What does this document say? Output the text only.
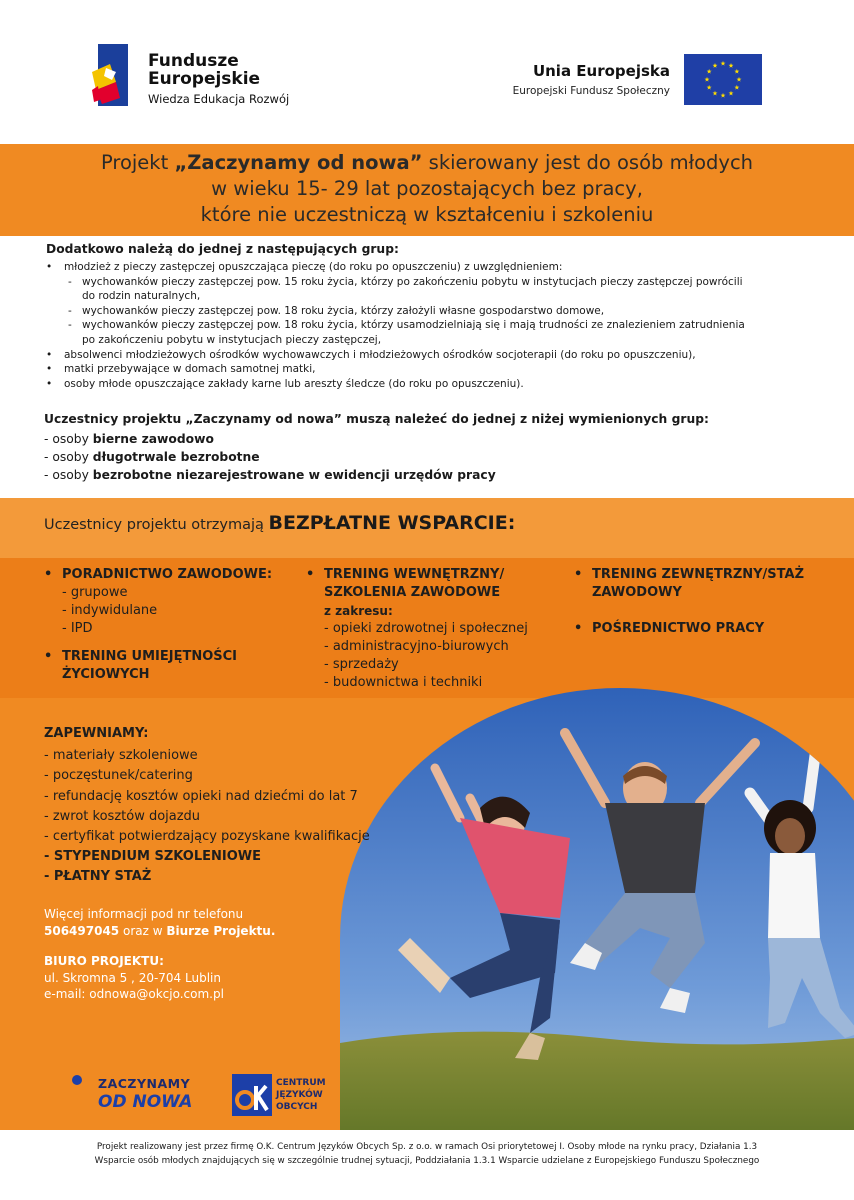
Fundusze
Europejskie
Wiedza Edukacja Rozwój
Unia Europejska
Europejski Fundusz Społeczny
Projekt „Zaczynamy od nowa” skierowany jest do osób młodych
w wieku 15- 29 lat pozostających bez pracy,
które nie uczestniczą w kształceniu i szkoleniu
Dodatkowo należą do jednej z następujących grup:
• młodzież z pieczy zastępczej opuszczająca pieczę (do roku po opuszczeniu) z uwzględnieniem:
- wychowanków pieczy zastępczej pow. 15 roku życia, którzy po zakończeniu pobytu w instytucjach pieczy zastępczej powrócili
do rodzin naturalnych,
- wychowanków pieczy zastępczej pow. 18 roku życia, którzy założyli własne gospodarstwo domowe,
- wychowanków pieczy zastępczej pow. 18 roku życia, którzy usamodzielniają się i mają trudności ze znalezieniem zatrudnienia
po zakończeniu pobytu w instytucjach pieczy zastępczej,
• absolwenci młodzieżowych ośrodków wychowawczych i młodzieżowych ośrodków socjoterapii (do roku po opuszczeniu),
• matki przebywające w domach samotnej matki,
• osoby młode opuszczające zakłady karne lub areszty śledcze (do roku po opuszczeniu).
Uczestnicy projektu „Zaczynamy od nowa” muszą należeć do jednej z niżej wymienionych grup:
- osoby bierne zawodowo
- osoby długotrwale bezrobotne
- osoby bezrobotne niezarejestrowane w ewidencji urzędów pracy
Uczestnicy projektu otrzymają BEZPŁATNE WSPARCIE:
• PORADNICTWO ZAWODOWE:
- grupowe
- indywidulane
- IPD
• TRENING UMIEJĘTNOŚCI
ŻYCIOWYCH
• TRENING WEWNĘTRZNY/
SZKOLENIA ZAWODOWE
z zakresu:
- opieki zdrowotnej i społecznej
- administracyjno-biurowych
- sprzedaży
- budownictwa i techniki
• TRENING ZEWNĘTRZNY/STAŻ
ZAWODOWY
• POŚREDNICTWO PRACY
ZAPEWNIAMY:
- materiały szkoleniowe
- poczęstunek/catering
- refundację kosztów opieki nad dziećmi do lat 7
- zwrot kosztów dojazdu
- certyfikat potwierdzający pozyskane kwalifikacje
- STYPENDIUM SZKOLENIOWE
- PŁATNY STAŻ
Więcej informacji pod nr telefonu
506497045 oraz w Biurze Projektu.
BIURO PROJEKTU:
ul. Skromna 5 , 20-704 Lublin
e-mail: odnowa@okcjo.com.pl
ZACZYNAMY
OD NOWA
CENTRUM
JĘZYKÓW
OBCYCH
Projekt realizowany jest przez firmę O.K. Centrum Języków Obcych Sp. z o.o. w ramach Osi priorytetowej I. Osoby młode na rynku pracy, Działania 1.3
Wsparcie osób młodych znajdujących się w szczególnie trudnej sytuacji, Poddziałania 1.3.1 Wsparcie udzielane z Europejskiego Funduszu Społecznego
